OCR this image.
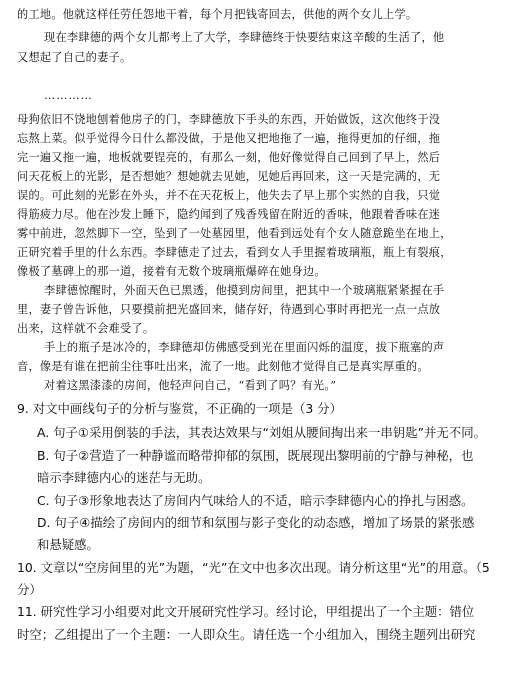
的工地。他就这样任劳任怨地干着，每个月把钱寄回去，供他的两个女儿上学。
现在李肆德的两个女儿都考上了大学，李肆德终于快要结束这辛酸的生活了，他
又想起了自己的妻子。
…………
母狗依旧不饶地刨着他房子的门，李肆德放下手头的东西，开始做饭，这次他终于没
忘熬上菜。似乎觉得今日什么都没做，于是他又把地拖了一遍，拖得更加的仔细，拖
完一遍又拖一遍，地板就要锃亮的，有那么一刻，他好像觉得自己回到了早上，然后
问天花板上的光影，是否想她？想她就去见她，见她后再回来，这一天是完满的，无
误的。可此刻的光影在外头，并不在天花板上，他失去了早上那个实然的自我，只觉
得筋疲力尽。他在沙发上睡下，隐约闻到了残香残留在附近的香味，他跟着香味在迷
雾中前进，忽然脚下一空，坠到了一处墓园里，他看到远处有个女人随意跪坐在地上，
正研究着手里的什么东西。李肆德走了过去，看到女人手里握着玻璃瓶，瓶上有裂痕，
像极了墓碑上的那一道，接着有无数个玻璃瓶爆碎在她身边。
李肆德惊醒时，外面天色已黑透，他摸到房间里，把其中一个玻璃瓶紧紧握在手
里，妻子曾告诉他，只要摸前把光盛回来，储存好，待遇到心事时再把光一点一点放
出来，这样就不会难受了。
手上的瓶子是冰冷的，李肆德却仿佛感受到光在里面闪烁的温度，拔下瓶塞的声
音，像是有谁在把前尘往事吐出来，流了一地。此刻他才觉得自己是真实厚重的。
对着这黑漆漆的房间，他轻声问自己，“看到了吗？有光。”
9. 对文中画线句子的分析与鉴赏，不正确的一项是（3 分）
A. 句子①采用倒装的手法，其表达效果与“刘姐从腰间掏出来一串钥匙”并无不同。
B. 句子②营造了一种静谧而略带抑郁的氛围，既展现出黎明前的宁静与神秘，也
暗示李肆德内心的迷茫与无助。
C. 句子③形象地表达了房间内气味给人的不适，暗示李肆德内心的挣扎与困惑。
D. 句子④描绘了房间内的细节和氛围与影子变化的动态感，增加了场景的紧张感
和悬疑感。
10. 文章以“空房间里的光”为题，“光”在文中也多次出现。请分析这里“光”的用意。（5
分）
11. 研究性学习小组要对此文开展研究性学习。经讨论，甲组提出了一个主题：错位
时空；乙组提出了一个主题：一人即众生。请任选一个小组加入，围绕主题列出研究
